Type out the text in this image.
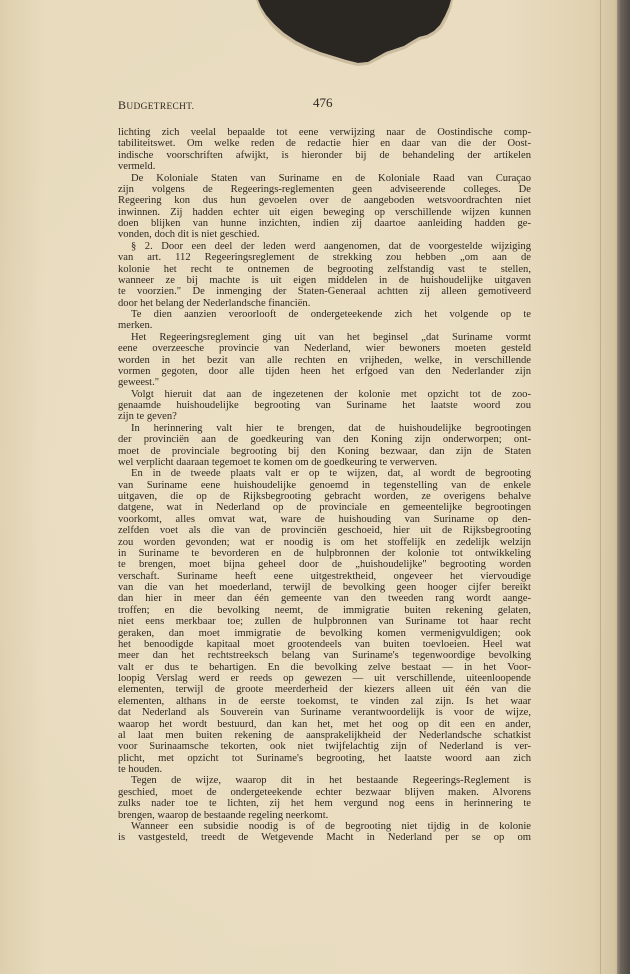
BUDGETRECHT.	476
lichting zich veelal bepaalde tot eene verwijzing naar de Oostindische comp-
tabiliteitswet. Om welke reden de redactie hier en daar van die der Oost-
indische voorschriften afwijkt, is hieronder bij de behandeling der artikelen
vermeld.
De Koloniale Staten van Suriname en de Koloniale Raad van Curaçao
zijn volgens de Regeerings-reglementen geen adviseerende colleges. De
Regeering kon dus hun gevoelen over de aangeboden wetsvoordrachten niet
inwinnen. Zij hadden echter uit eigen beweging op verschillende wijzen kunnen
doen blijken van hunne inzichten, indien zij daartoe aanleiding hadden ge-
vonden, doch dit is niet geschied.
§ 2. Door een deel der leden werd aangenomen, dat de voorgestelde wijziging
van art. 112 Regeeringsreglement de strekking zou hebben „om aan de
kolonie het recht te ontnemen de begrooting zelfstandig vast te stellen,
wanneer ze bij machte is uit eigen middelen in de huishoudelijke uitgaven
te voorzien." De inmenging der Staten-Generaal achtten zij alleen gemotiveerd
door het belang der Nederlandsche financiën.
Te dien aanzien veroorlooft de ondergeteekende zich het volgende op te
merken.
Het Regeeringsreglement ging uit van het beginsel „dat Suriname vormt
eene overzeesche provincie van Nederland, wier bewoners moeten gesteld
worden in het bezit van alle rechten en vrijheden, welke, in verschillende
vormen gegoten, door alle tijden heen het erfgoed van den Nederlander zijn
geweest."
Volgt hieruit dat aan de ingezetenen der kolonie met opzicht tot de zoo-
genaamde huishoudelijke begrooting van Suriname het laatste woord zou
zijn te geven?
In herinnering valt hier te brengen, dat de huishoudelijke begrootingen
der provinciën aan de goedkeuring van den Koning zijn onderworpen; ont-
moet de provinciale begrooting bij den Koning bezwaar, dan zijn de Staten
wel verplicht daaraan tegemoet te komen om de goedkeuring te verwerven.
En in de tweede plaats valt er op te wijzen, dat, al wordt de begrooting
van Suriname eene huishoudelijke genoemd in tegenstelling van de enkele
uitgaven, die op de Rijksbegrooting gebracht worden, ze overigens behalve
datgene, wat in Nederland op de provinciale en gemeentelijke begrootingen
voorkomt, alles omvat wat, ware de huishouding van Suriname op den-
zelfden voet als die van de provinciën geschoeid, hier uit de Rijksbegrooting
zou worden gevonden; wat er noodig is om het stoffelijk en zedelijk welzijn
in Suriname te bevorderen en de hulpbronnen der kolonie tot ontwikkeling
te brengen, moet bijna geheel door de „huishoudelijke" begrooting worden
verschaft. Suriname heeft eene uitgestrektheid, ongeveer het viervoudige
van die van het moederland, terwijl de bevolking geen hooger cijfer bereikt
dan hier in meer dan één gemeente van den tweeden rang wordt aange-
troffen; en die bevolking neemt, de immigratie buiten rekening gelaten,
niet eens merkbaar toe; zullen de hulpbronnen van Suriname tot haar recht
geraken, dan moet immigratie de bevolking komen vermenigvuldigen; ook
het benoodigde kapitaal moet grootendeels van buiten toevloeien. Heel wat
meer dan het rechtstreeksch belang van Suriname's tegenwoordige bevolking
valt er dus te behartigen. En die bevolking zelve bestaat — in het Voor-
loopig Verslag werd er reeds op gewezen — uit verschillende, uiteenloopende
elementen, terwijl de groote meerderheid der kiezers alleen uit één van die
elementen, althans in de eerste toekomst, te vinden zal zijn. Is het waar
dat Nederland als Souverein van Suriname verantwoordelijk is voor de wijze,
waarop het wordt bestuurd, dan kan het, met het oog op dit een en ander,
al laat men buiten rekening de aansprakelijkheid der Nederlandsche schatkist
voor Surinaamsche tekorten, ook niet twijfelachtig zijn of Nederland is ver-
plicht, met opzicht tot Suriname's begrooting, het laatste woord aan zich
te houden.
Tegen de wijze, waarop dit in het bestaande Regeerings-Reglement is
geschied, moet de ondergeteekende echter bezwaar blijven maken. Alvorens
zulks nader toe te lichten, zij het hem vergund nog eens in herinnering te
brengen, waarop de bestaande regeling neerkomt.
Wanneer een subsidie noodig is of de begrooting niet tijdig in de kolonie
is vastgesteld, treedt de Wetgevende Macht in Nederland per se op om
